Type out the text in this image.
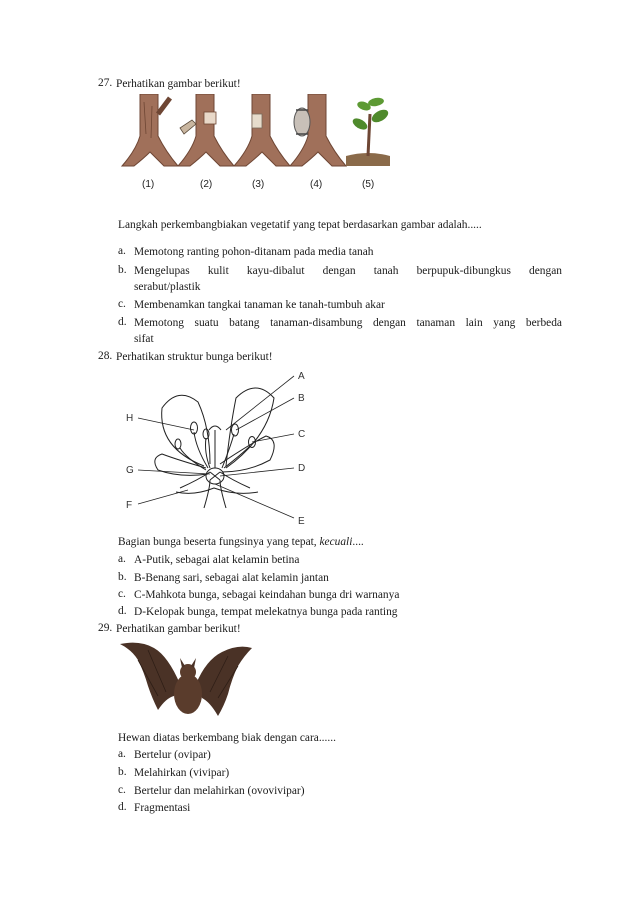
27. Perhatikan gambar berikut!
(1)	(2)	(3)	(4)	(5)
Langkah perkembangbiakan vegetatif yang tepat berdasarkan gambar adalah.....
a. Memotong ranting pohon-ditanam pada media tanah
b. Mengelupas kulit kayu-dibalut dengan tanah berpupuk-dibungkus dengan
serabut/plastik
c. Membenamkan tangkai tanaman ke tanah-tumbuh akar
d. Memotong suatu batang tanaman-disambung dengan tanaman lain yang berbeda
sifat
28. Perhatikan struktur bunga berikut!
A
B
C
D
E
F
G
H
Bagian bunga beserta fungsinya yang tepat, kecuali....
a. A-Putik, sebagai alat kelamin betina
b. B-Benang sari, sebagai alat kelamin jantan
c. C-Mahkota bunga, sebagai keindahan bunga dri warnanya
d. D-Kelopak bunga, tempat melekatnya bunga pada ranting
29. Perhatikan gambar berikut!
Hewan diatas berkembang biak dengan cara......
a. Bertelur (ovipar)
b. Melahirkan (vivipar)
c. Bertelur dan melahirkan (ovovivipar)
d. Fragmentasi
